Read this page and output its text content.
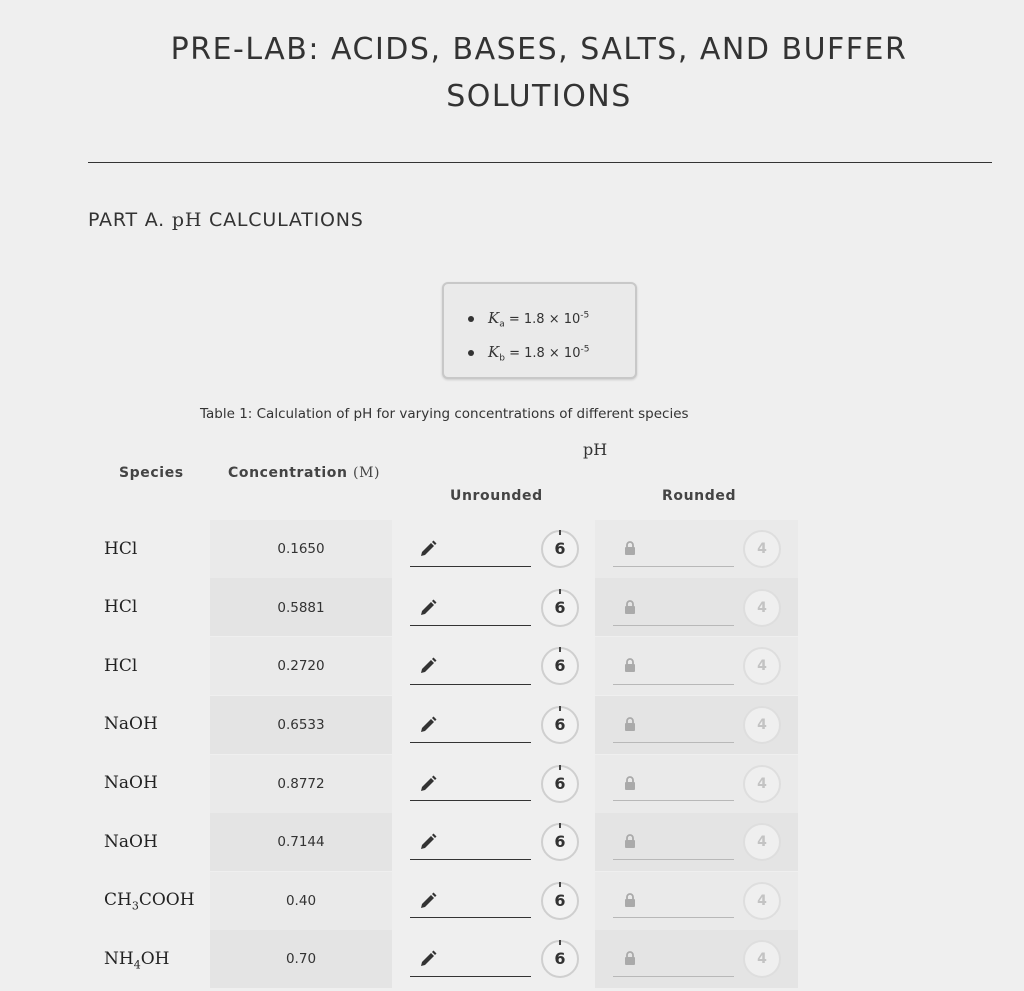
PRE-LAB: ACIDS, BASES, SALTS, AND BUFFER
SOLUTIONS
PART A. pH CALCULATIONS
$K_a = 1.8 \times 10^{-5}$
$K_b = 1.8 \times 10^{-5}$
Table 1: Calculation of pH for varying concentrations of different species
pH
Species	Concentration (M)
Unrounded	Rounded
HCl	0.1650	6	4
HCl	0.5881	6	4
HCl	0.2720	6	4
NaOH	0.6533	6	4
NaOH	0.8772	6	4
NaOH	0.7144	6	4
$CH_3COOH$	0.40	6	4
$NH_4OH$	0.70	6	4
